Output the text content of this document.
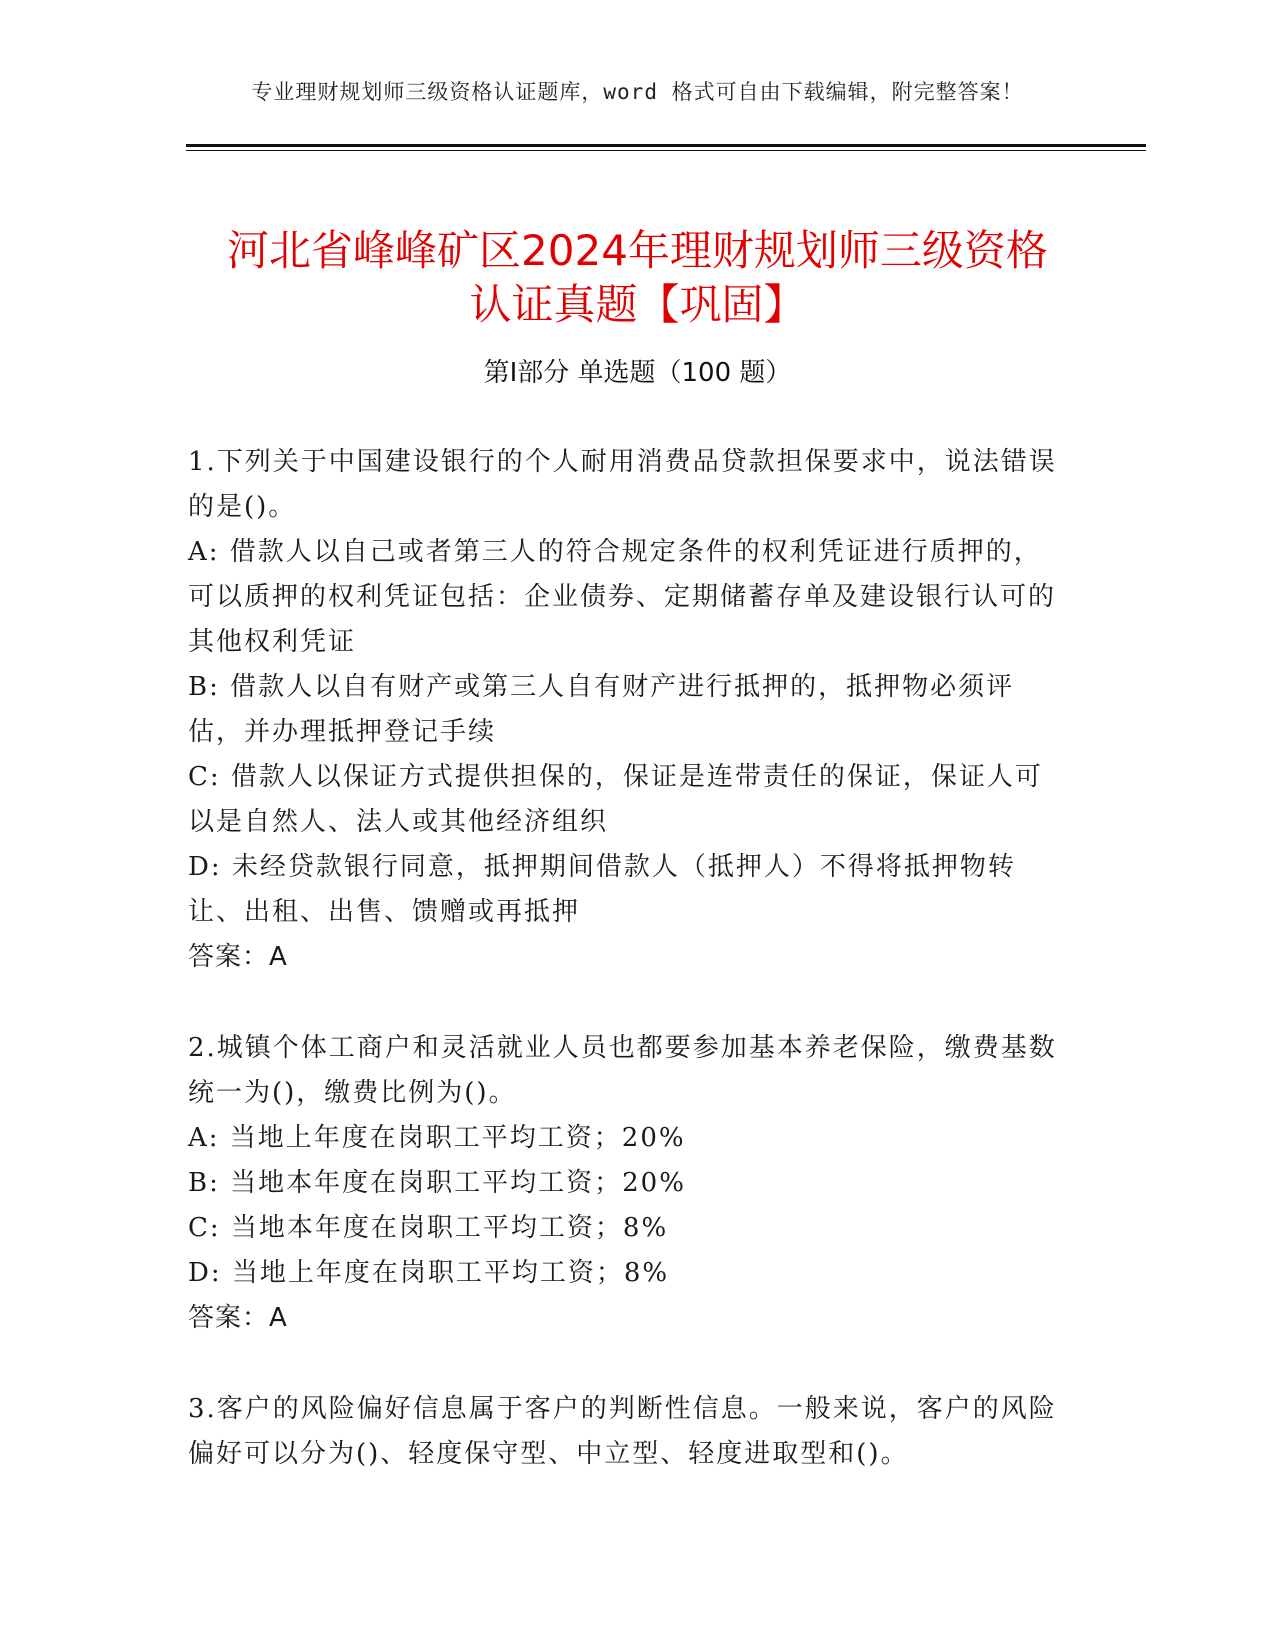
专业理财规划师三级资格认证题库，word 格式可自由下载编辑，附完整答案！
河北省峰峰矿区2024年理财规划师三级资格
认证真题【巩固】
第Ⅰ部分 单选题（100 题）

1.下列关于中国建设银行的个人耐用消费品贷款担保要求中，说法错误的是()。

A: 借款人以自己或者第三人的符合规定条件的权利凭证进行质押的，可以质押的权利凭证包括：企业债券、定期储蓄存单及建设银行认可的其他权利凭证

B: 借款人以自有财产或第三人自有财产进行抵押的，抵押物必须评估，并办理抵押登记手续

C: 借款人以保证方式提供担保的，保证是连带责任的保证，保证人可以是自然人、法人或其他经济组织

D: 未经贷款银行同意，抵押期间借款人（抵押人）不得将抵押物转让、出租、出售、馈赠或再抵押

答案：A

2.城镇个体工商户和灵活就业人员也都要参加基本养老保险，缴费基数统一为()，缴费比例为()。

A: 当地上年度在岗职工平均工资；20%

B: 当地本年度在岗职工平均工资；20%

C: 当地本年度在岗职工平均工资；8%

D: 当地上年度在岗职工平均工资；8%

答案：A

3.客户的风险偏好信息属于客户的判断性信息。一般来说，客户的风险偏好可以分为()、轻度保守型、中立型、轻度进取型和()。
